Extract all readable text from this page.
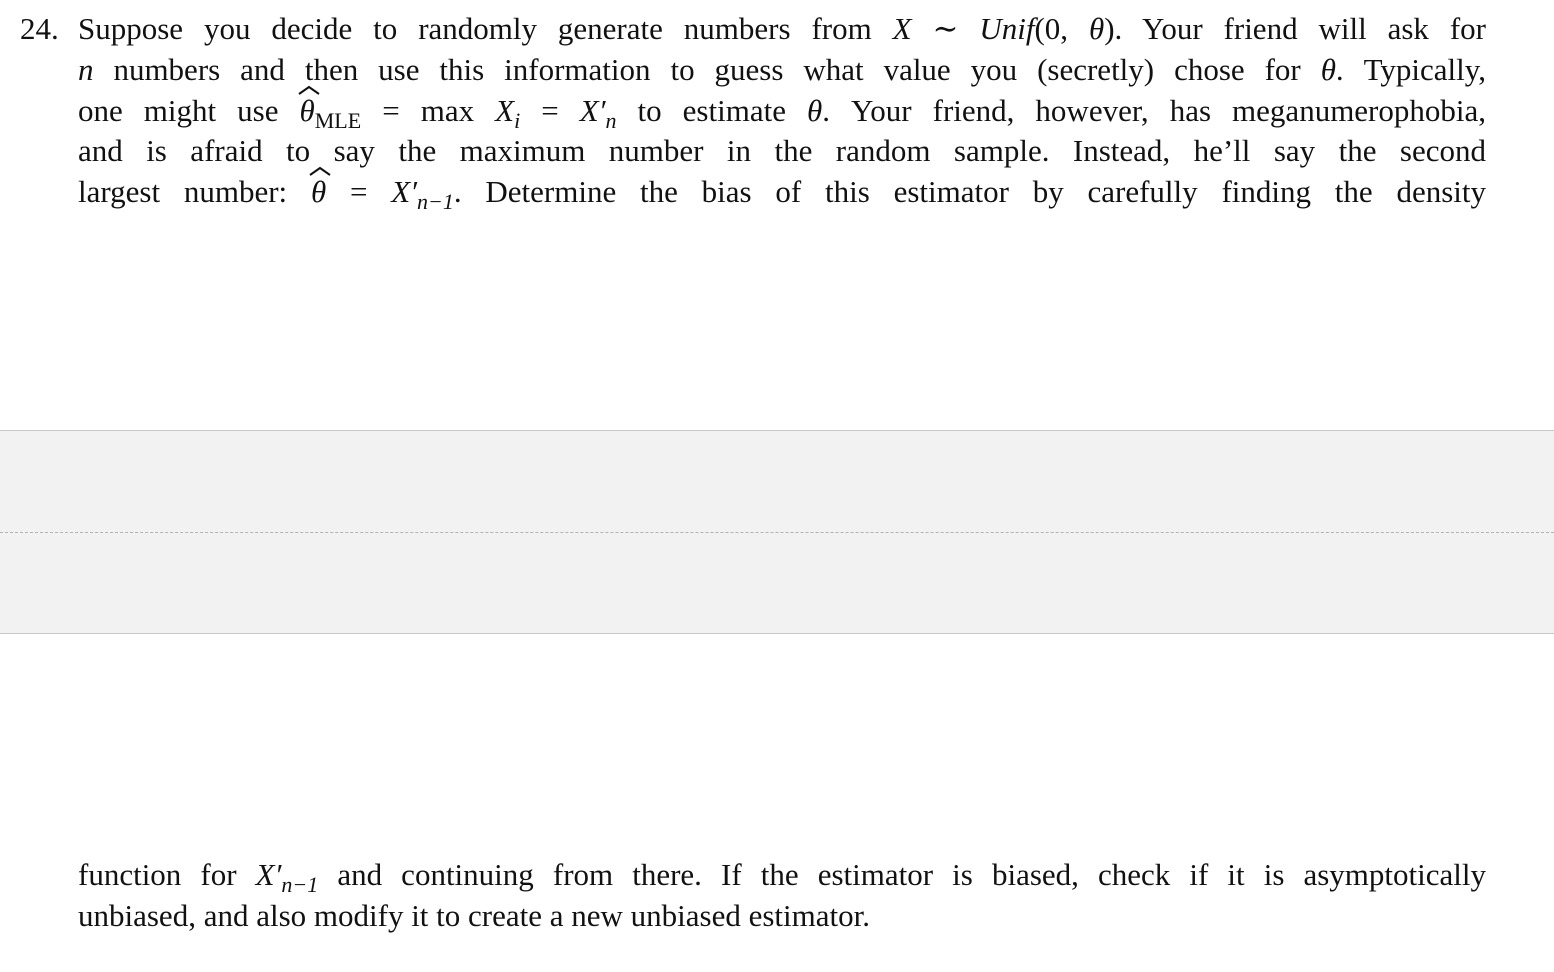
24. Suppose you decide to randomly generate numbers from X ∼ Unif(0, θ). Your friend will ask for
n numbers and then use this information to guess what value you (secretly) chose for θ. Typically,
one might use
$\theta_{MLE} = \max X_i = X'_n$ to estimate θ. Your friend, however, has meganumerophobia,
and is afraid to say the maximum number in the random sample. Instead, he’ll say the second
largest number:
$\theta = X'_{n-1}$. Determine the bias of this estimator by carefully finding the density
function for $X'_{n-1}$ and continuing from there. If the estimator is biased, check if it is asymptotically
unbiased, and also modify it to create a new unbiased estimator.
